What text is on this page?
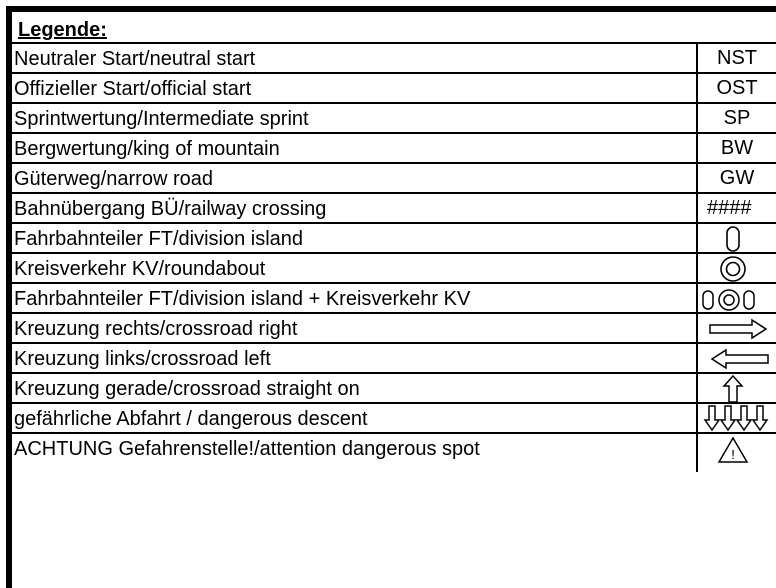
Legende:
Neutraler Start/neutral start	NST
Offizieller Start/official start	OST
Sprintwertung/Intermediate sprint	SP
Bergwertung/king of mountain	BW
Güterweg/narrow road	GW
Bahnübergang BÜ/railway crossing	####
Fahrbahnteiler FT/division island
Kreisverkehr KV/roundabout
Fahrbahnteiler FT/division island + Kreisverkehr KV
Kreuzung rechts/crossroad right
Kreuzung links/crossroad left
Kreuzung gerade/crossroad straight on
gefährliche Abfahrt / dangerous descent
ACHTUNG Gefahrenstelle!/attention dangerous spot	!
